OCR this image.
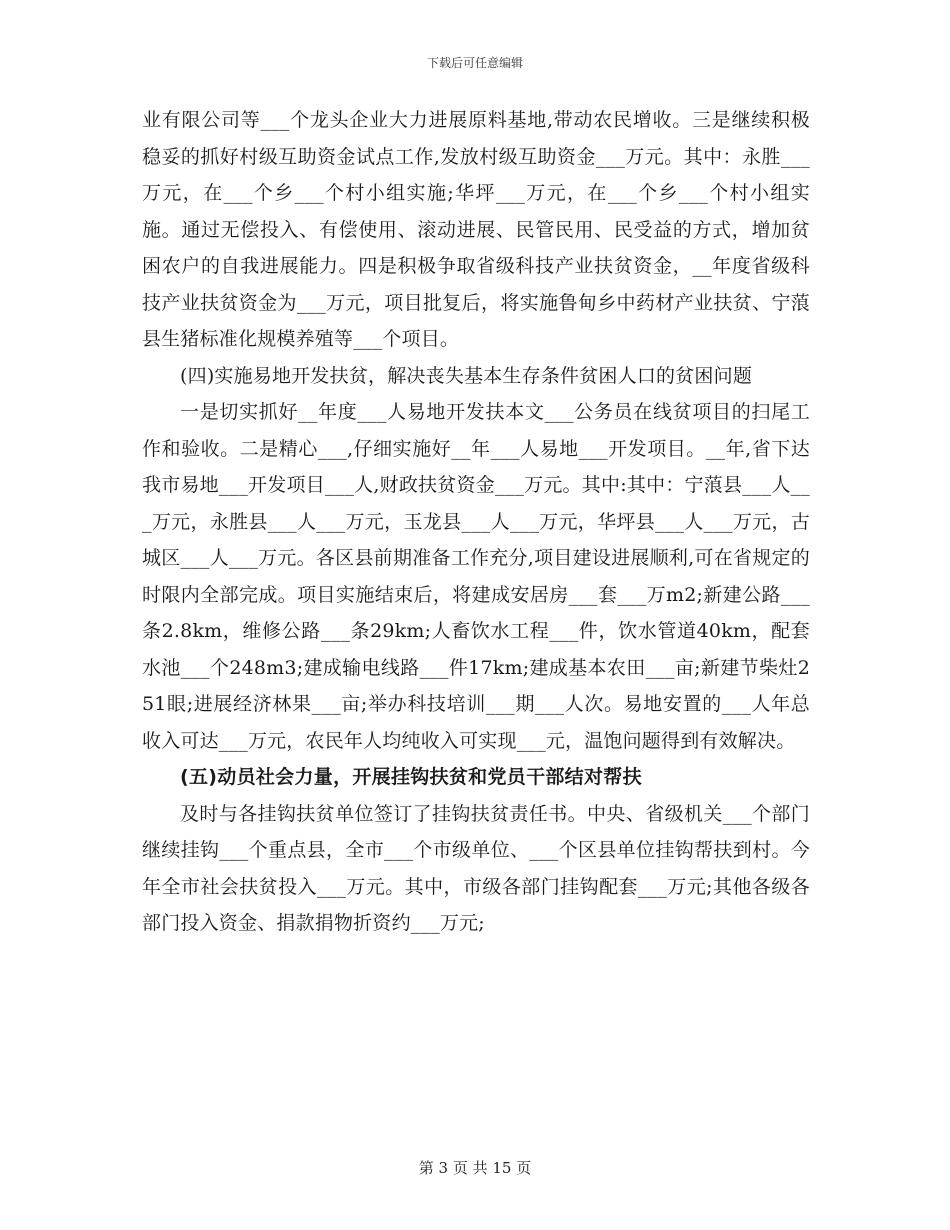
下载后可任意编辑

业有限公司等___个龙头企业大力进展原料基地,带动农民增收。三是继续积极稳妥的抓好村级互助资金试点工作,发放村级互助资金___万元。其中：永胜___万元，在___个乡___个村小组实施;华坪___万元，在___个乡___个村小组实施。通过无偿投入、有偿使用、滚动进展、民管民用、民受益的方式，增加贫困农户的自我进展能力。四是积极争取省级科技产业扶贫资金，__年度省级科技产业扶贫资金为___万元，项目批复后，将实施鲁甸乡中药材产业扶贫、宁蒗县生猪标准化规模养殖等___个项目。

(四)实施易地开发扶贫，解决丧失基本生存条件贫困人口的贫困问题

一是切实抓好__年度___人易地开发扶本文___公务员在线贫项目的扫尾工作和验收。二是精心___,仔细实施好__年___人易地___开发项目。__年,省下达我市易地___开发项目___人,财政扶贫资金___万元。其中:其中：宁蒗县___人___万元，永胜县___人___万元，玉龙县___人___万元，华坪县___人___万元，古城区___人___万元。各区县前期准备工作充分,项目建设进展顺利,可在省规定的时限内全部完成。项目实施结束后，将建成安居房___套___万m2;新建公路___条2.8km，维修公路___条29km;人畜饮水工程___件，饮水管道40km，配套水池___个248m3;建成输电线路___件17km;建成基本农田___亩;新建节柴灶251眼;进展经济林果___亩;举办科技培训___期___人次。易地安置的___人年总收入可达___万元，农民年人均纯收入可实现___元，温饱问题得到有效解决。

(五)动员社会力量，开展挂钩扶贫和党员干部结对帮扶

及时与各挂钩扶贫单位签订了挂钩扶贫责任书。中央、省级机关___个部门继续挂钩___个重点县，全市___个市级单位、___个区县单位挂钩帮扶到村。今年全市社会扶贫投入___万元。其中，市级各部门挂钩配套___万元;其他各级各部门投入资金、捐款捐物折资约___万元;

第 3 页 共 15 页
